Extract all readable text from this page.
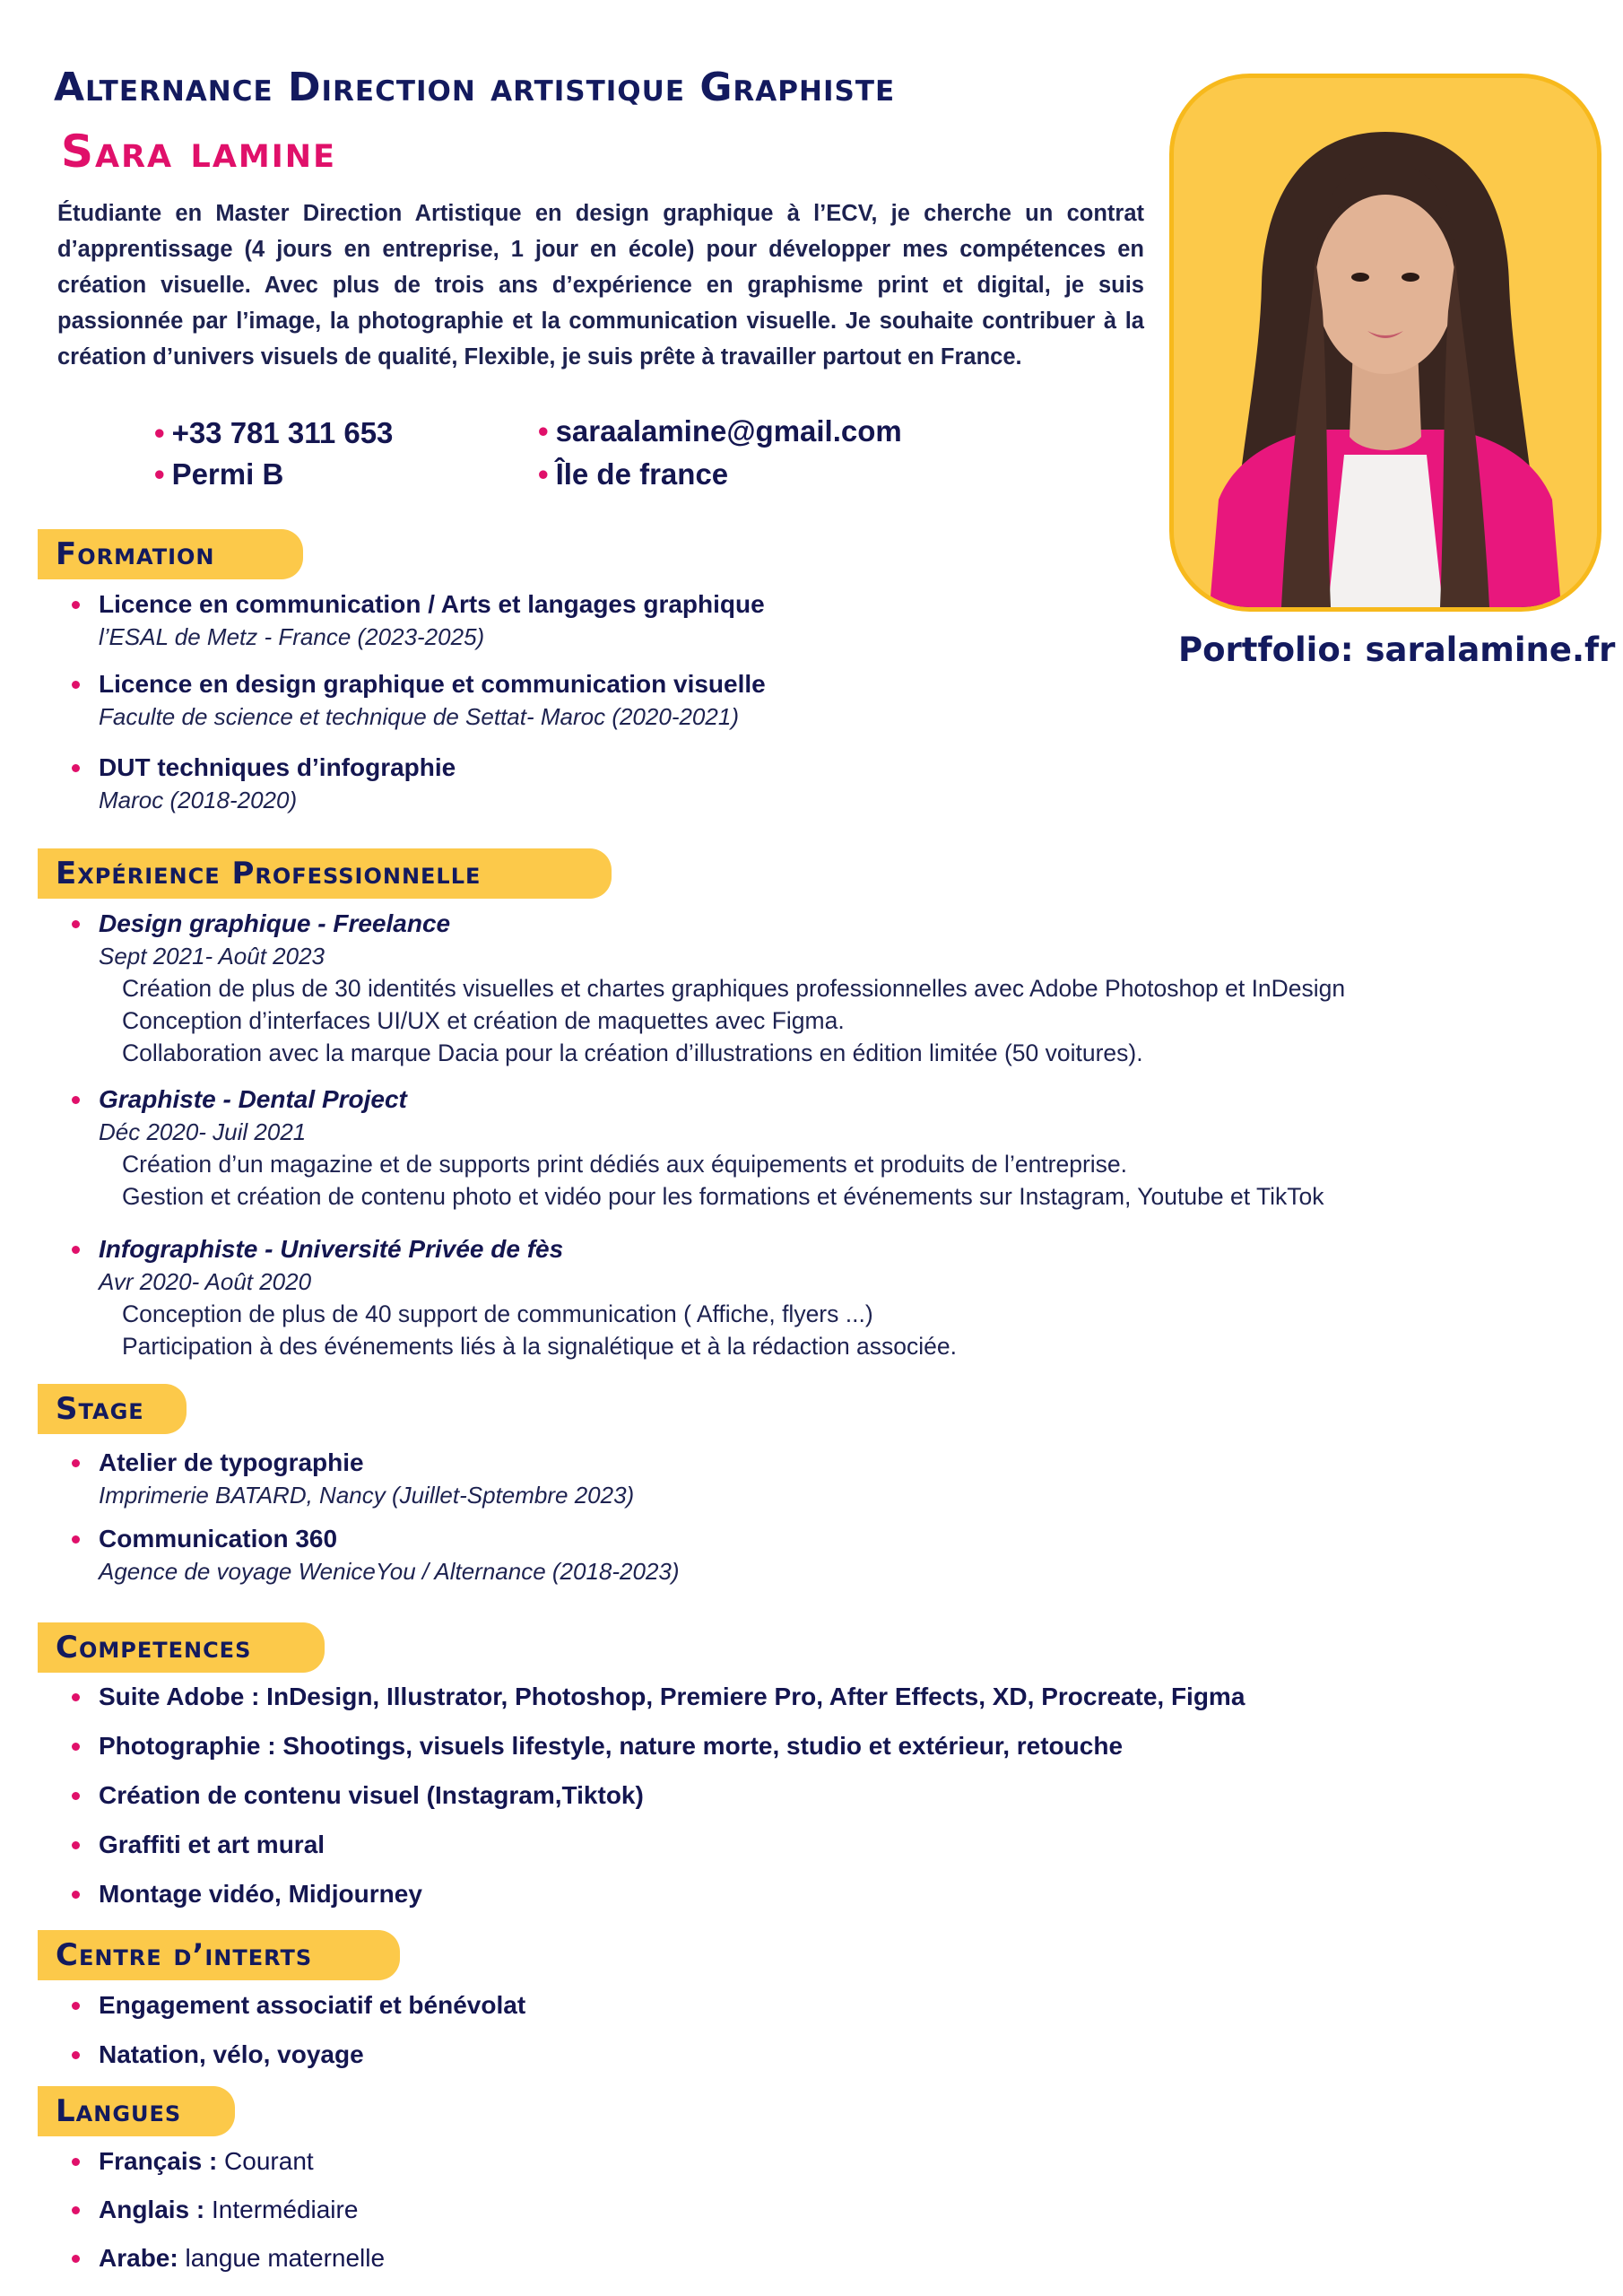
Alternance Direction artistique Graphiste
Sara lamine

Étudiante en Master Direction Artistique en design graphique à l’ECV, je cherche un contrat d’apprentissage (4 jours en entreprise, 1 jour en école) pour développer mes compétences en création visuelle. Avec plus de trois ans d’expérience en graphisme print et digital, je suis passionnée par l’image, la photographie et la communication visuelle. Je souhaite contribuer à la création d’univers visuels de qualité, Flexible, je suis prête à travailler partout en France.

• +33 781 311 653
• Permi B
• saraalamine@gmail.com
• Île de france
Portfolio: saralamine.fr
Formation
Licence en communication / Arts et langages graphique
l’ESAL de Metz - France (2023-2025)
Licence en design graphique et communication visuelle
Faculte de science et technique de Settat- Maroc (2020-2021)
DUT techniques d’infographie
Maroc (2018-2020)
Expérience Professionnelle
Design graphique - Freelance
Sept 2021- Août 2023
Création de plus de 30 identités visuelles et chartes graphiques professionnelles avec Adobe Photoshop et InDesign
Conception d’interfaces UI/UX et création de maquettes avec Figma.
Collaboration avec la marque Dacia pour la création d’illustrations en édition limitée (50 voitures).
Graphiste - Dental Project
Déc 2020- Juil 2021
Création d’un magazine et de supports print dédiés aux équipements et produits de l’entreprise.
Gestion et création de contenu photo et vidéo pour les formations et événements sur Instagram, Youtube et TikTok
Infographiste - Université Privée de fès
Avr 2020- Août 2020
Conception de plus de 40 support de communication ( Affiche, flyers ...)
Participation à des événements liés à la signalétique et à la rédaction associée.
Stage
Atelier de typographie
Imprimerie BATARD, Nancy (Juillet-Sptembre 2023)
Communication 360
Agence de voyage WeniceYou / Alternance (2018-2023)
Competences
Suite Adobe : InDesign, Illustrator, Photoshop, Premiere Pro, After Effects, XD, Procreate, Figma
Photographie : Shootings, visuels lifestyle, nature morte, studio et extérieur, retouche
Création de contenu visuel (Instagram,Tiktok)
Graffiti et art mural
Montage vidéo, Midjourney
Centre d’interts
Engagement associatif et bénévolat
Natation, vélo, voyage
Langues
Français : Courant
Anglais : Intermédiaire
Arabe: langue maternelle
